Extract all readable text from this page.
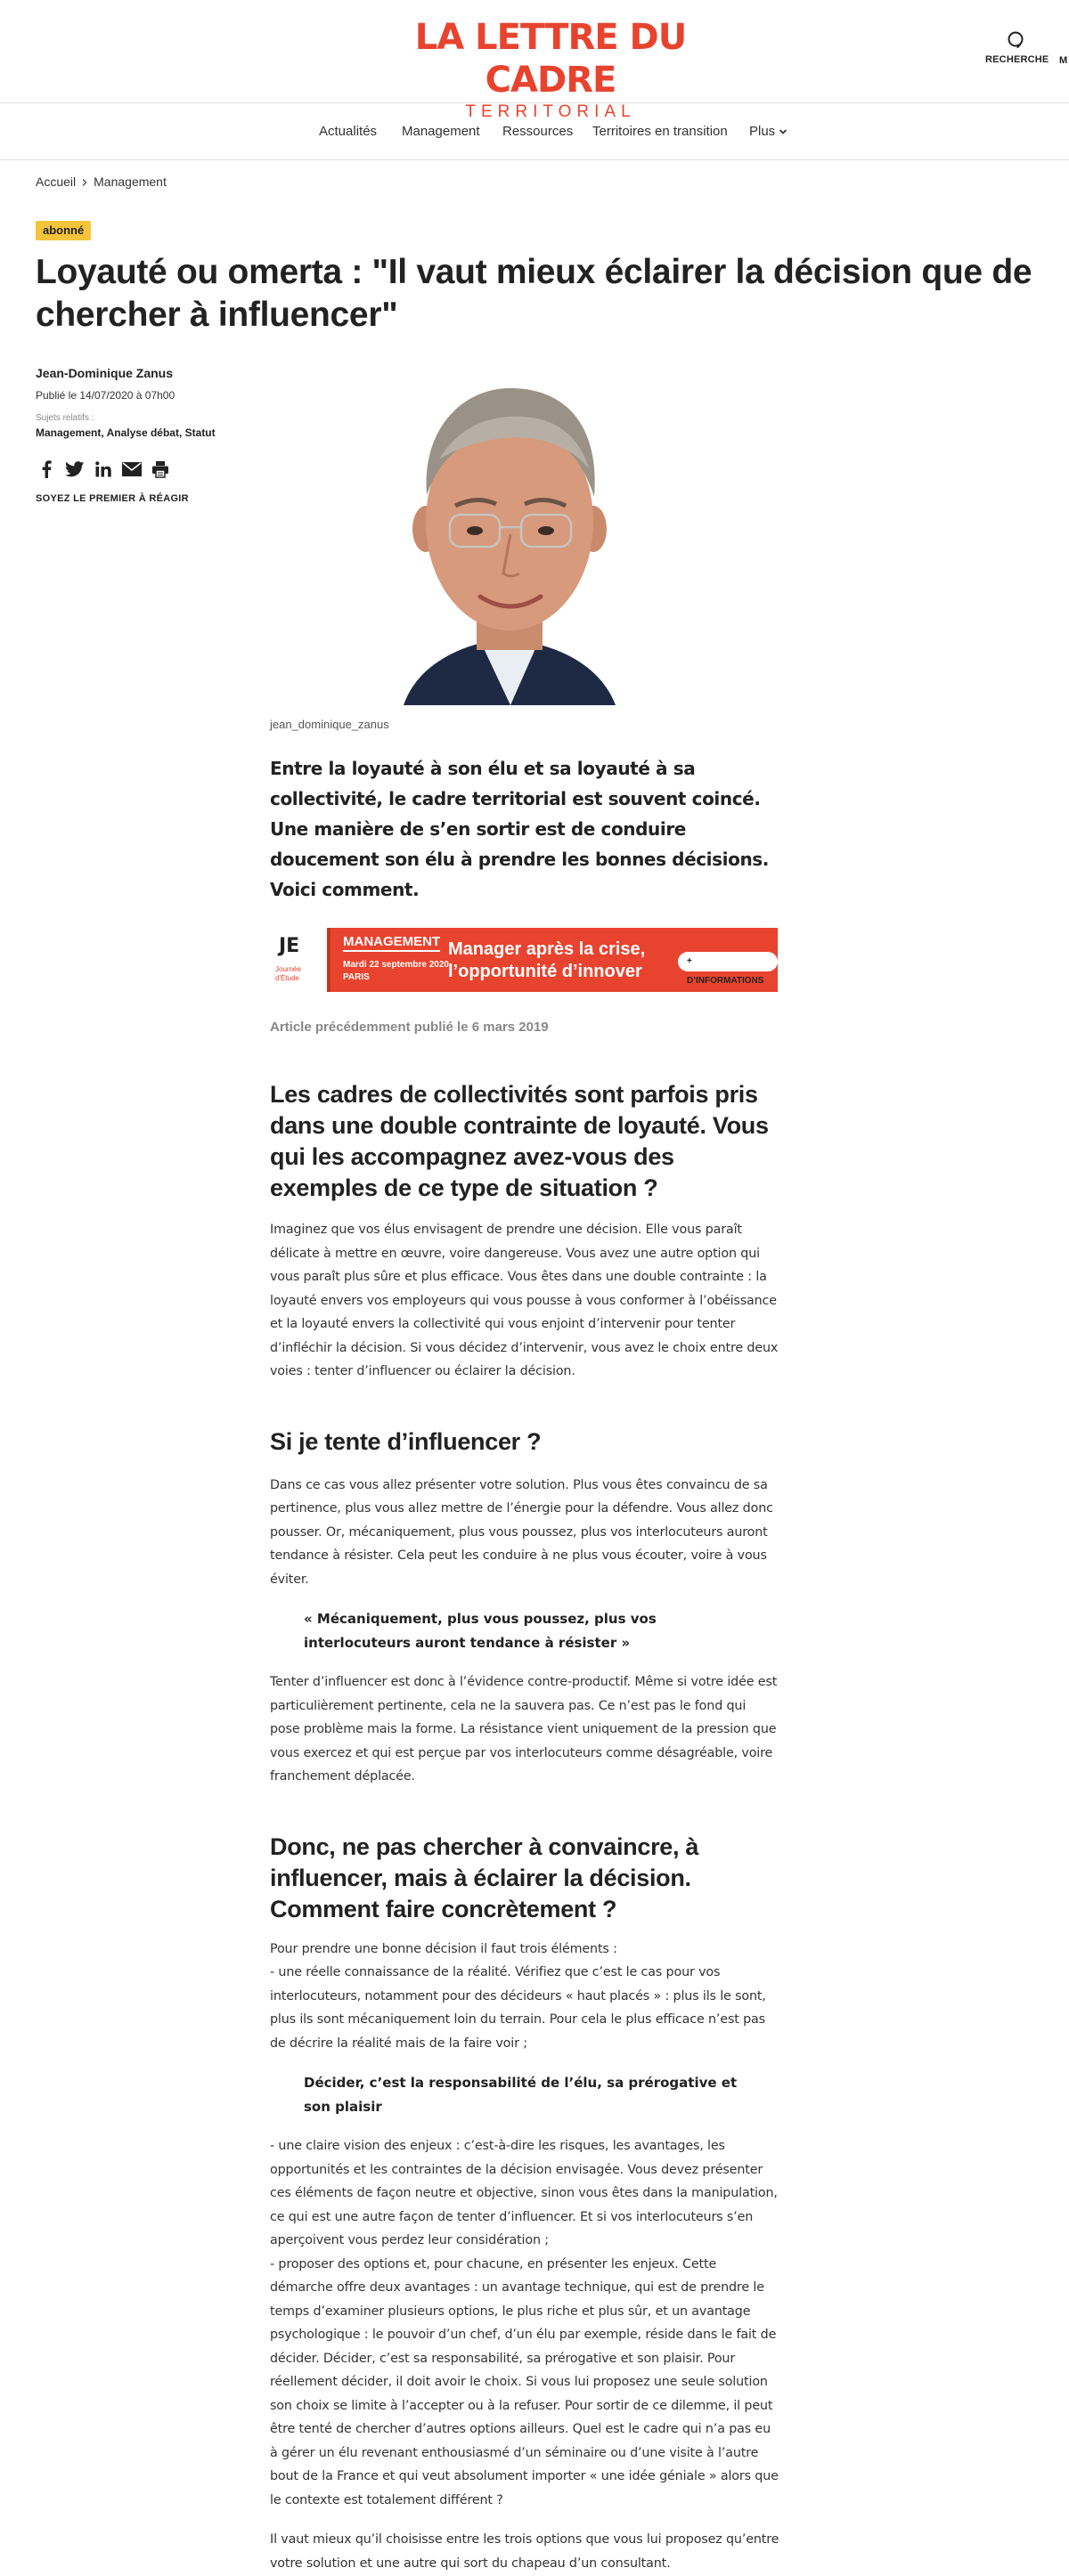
LA LETTRE DU CADRE
TERRITORIAL
RECHERCHE M
Actualités Management Ressources Territoires en transition Plus
Accueil Management
abonné
Loyauté ou omerta : "Il vaut mieux éclairer la décision que de chercher à influencer"
Jean-Dominique Zanus
Publié le 14/07/2020 à 07h00
Sujets relatifs :
Management, Analyse débat, Statut
SOYEZ LE PREMIER À RÉAGIR
jean_dominique_zanus

Entre la loyauté à son élu et sa loyauté à sa collectivité, le cadre territorial est souvent coincé. Une manière de s’en sortir est de conduire doucement son élu à prendre les bonnes décisions. Voici comment.

JE
Journée d'Étude
MANAGEMENT
Mardi 22 septembre 2020
PARIS
Manager après la crise,
l’opportunité d’innover
+ D’INFORMATIONS
Article précédemment publié le 6 mars 2019
Les cadres de collectivités sont parfois pris dans une double contrainte de loyauté. Vous qui les accompagnez avez-vous des exemples de ce type de situation ?

Imaginez que vos élus envisagent de prendre une décision. Elle vous paraît délicate à mettre en œuvre, voire dangereuse. Vous avez une autre option qui vous paraît plus sûre et plus efficace. Vous êtes dans une double contrainte : la loyauté envers vos employeurs qui vous pousse à vous conformer à l’obéissance et la loyauté envers la collectivité qui vous enjoint d’intervenir pour tenter d’infléchir la décision. Si vous décidez d’intervenir, vous avez le choix entre deux voies : tenter d’influencer ou éclairer la décision.

Si je tente d’influencer ?

Dans ce cas vous allez présenter votre solution. Plus vous êtes convaincu de sa pertinence, plus vous allez mettre de l’énergie pour la défendre. Vous allez donc pousser. Or, mécaniquement, plus vous poussez, plus vos interlocuteurs auront tendance à résister. Cela peut les conduire à ne plus vous écouter, voire à vous éviter.

« Mécaniquement, plus vous poussez, plus vos interlocuteurs auront tendance à résister »

Tenter d’influencer est donc à l’évidence contre-productif. Même si votre idée est particulièrement pertinente, cela ne la sauvera pas. Ce n’est pas le fond qui pose problème mais la forme. La résistance vient uniquement de la pression que vous exercez et qui est perçue par vos interlocuteurs comme désagréable, voire franchement déplacée.

Donc, ne pas chercher à convaincre, à influencer, mais à éclairer la décision. Comment faire concrètement ?

Pour prendre une bonne décision il faut trois éléments :

- une réelle connaissance de la réalité. Vérifiez que c’est le cas pour vos interlocuteurs, notamment pour des décideurs « haut placés » : plus ils le sont, plus ils sont mécaniquement loin du terrain. Pour cela le plus efficace n’est pas de décrire la réalité mais de la faire voir ;

Décider, c’est la responsabilité de l’élu, sa prérogative et son plaisir

- une claire vision des enjeux : c’est-à-dire les risques, les avantages, les opportunités et les contraintes de la décision envisagée. Vous devez présenter ces éléments de façon neutre et objective, sinon vous êtes dans la manipulation, ce qui est une autre façon de tenter d’influencer. Et si vos interlocuteurs s’en aperçoivent vous perdez leur considération ;

- proposer des options et, pour chacune, en présenter les enjeux. Cette démarche offre deux avantages : un avantage technique, qui est de prendre le temps d’examiner plusieurs options, le plus riche et plus sûr, et un avantage psychologique : le pouvoir d’un chef, d’un élu par exemple, réside dans le fait de décider. Décider, c’est sa responsabilité, sa prérogative et son plaisir. Pour réellement décider, il doit avoir le choix. Si vous lui proposez une seule solution son choix se limite à l’accepter ou à la refuser. Pour sortir de ce dilemme, il peut être tenté de chercher d’autres options ailleurs. Quel est le cadre qui n’a pas eu à gérer un élu revenant enthousiasmé d’un séminaire ou d’une visite à l’autre bout de la France et qui veut absolument importer « une idée géniale » alors que le contexte est totalement différent ?

Il vaut mieux qu’il choisisse entre les trois options que vous lui proposez qu’entre votre solution et une autre qui sort du chapeau d’un consultant.
